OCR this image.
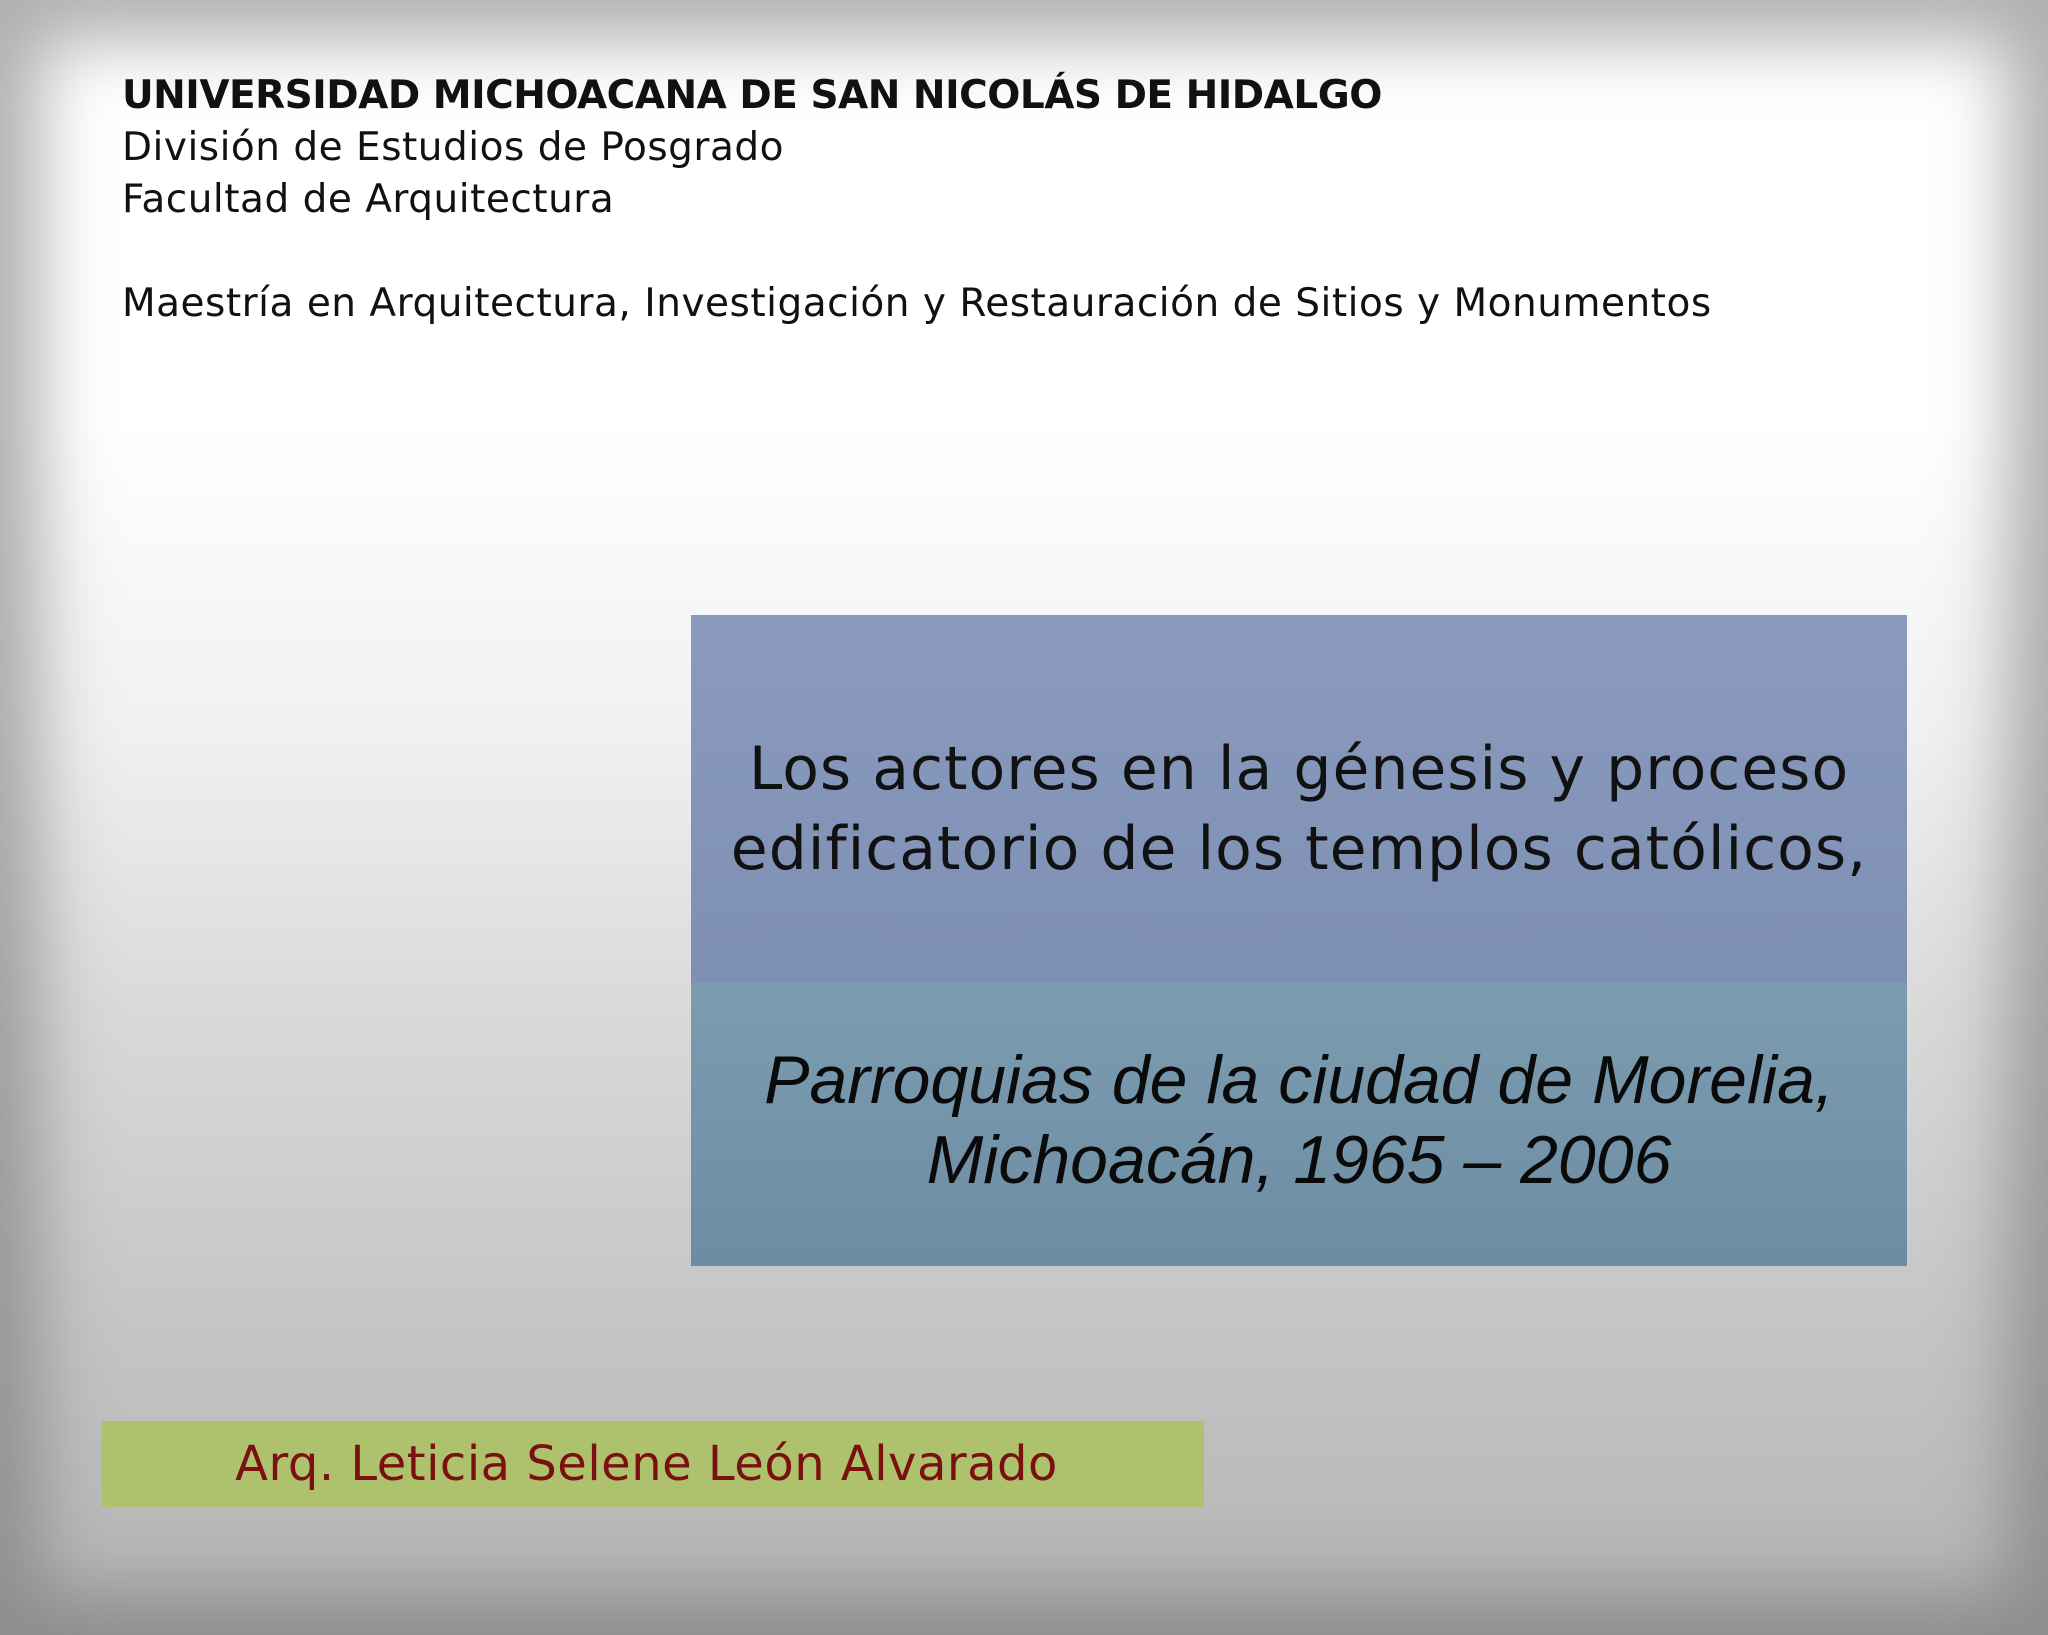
UNIVERSIDAD MICHOACANA DE SAN NICOLÁS DE HIDALGO
División de Estudios de Posgrado
Facultad de Arquitectura
Maestría en Arquitectura, Investigación y Restauración de Sitios y Monumentos
Los actores en la génesis y proceso
edificatorio de los templos católicos,
Parroquias de la ciudad de Morelia,
Michoacán, 1965 – 2006
Arq. Leticia Selene León Alvarado
